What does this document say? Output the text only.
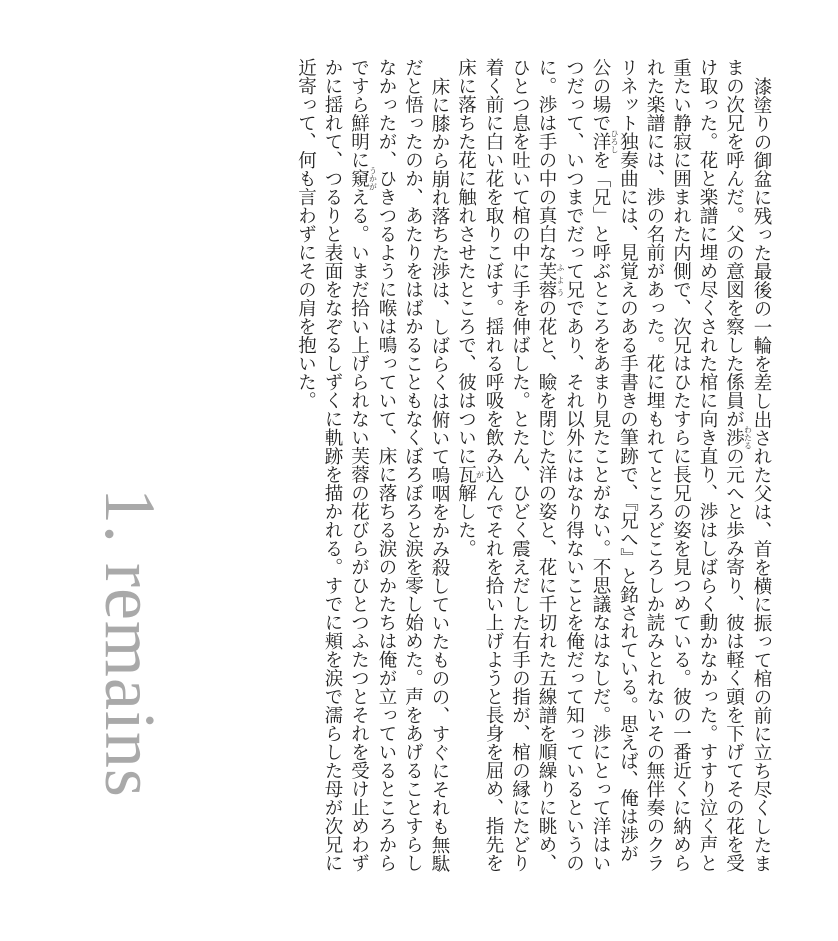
漆塗りの御盆に残った最後の一輪を差し出された父は、首を横に振って棺の前に立ち尽くしたままの次兄を呼んだ。父の意図を察した係員が渉 わたるの元へと歩み寄り、彼は軽く頭を下げてその花を受け取った。花と楽譜に埋め尽くされた棺に向き直り、渉はしばらく動かなかった。すすり泣く声と重たい静寂に囲まれた内側で、次兄はひたすらに長兄の姿を見つめている。彼の一番近くに納められた楽譜には、渉の名前があった。花に埋もれてところどころしか読みとれないその無伴奏のクラリネット独奏曲には、見覚えのある手書きの筆跡で、『兄へ』と銘されている。思えば、俺は渉が公の場で洋 ひろしを「兄」と呼ぶところをあまり見たことがない。不思議なはなしだ。渉にとって洋はいつだって、いつまでだって兄であり、それ以外にはなり得ないことを俺だって知っているというのに。渉は手の中の真白な芙蓉 ふようの花と、瞼を閉じた洋の姿と、花に千切れた五線譜を順繰りに眺め、ひとつ息を吐いて棺の中に手を伸ばした。とたん、ひどく震えだした右手の指が、棺の縁にたどり着く前に白い花を取りこぼす。揺れる呼吸を飲み込んでそれを拾い上げようと長身を屈め、指先を床に落ちた花に触れさせたところで、彼はついに瓦 が解した。

床に膝から崩れ落ちた渉は、しばらくは俯いて嗚咽をかみ殺していたものの、すぐにそれも無駄だと悟ったのか、あたりをはばかることもなくぼろぼろと涙を零し始めた。声をあげることすらしなかったが、ひきつるように喉は鳴っていて、床に落ちる涙のかたちは俺が立っているところからですら鮮明に窺 うかがえる。いまだ拾い上げられない芙蓉の花びらがひとつふたつとそれを受け止めわずかに揺れて、つるりと表面をなぞるしずくに軌跡を描かれる。すでに頬を涙で濡らした母が次兄に近寄って、何も言わずにその肩を抱いた。

1. remains
